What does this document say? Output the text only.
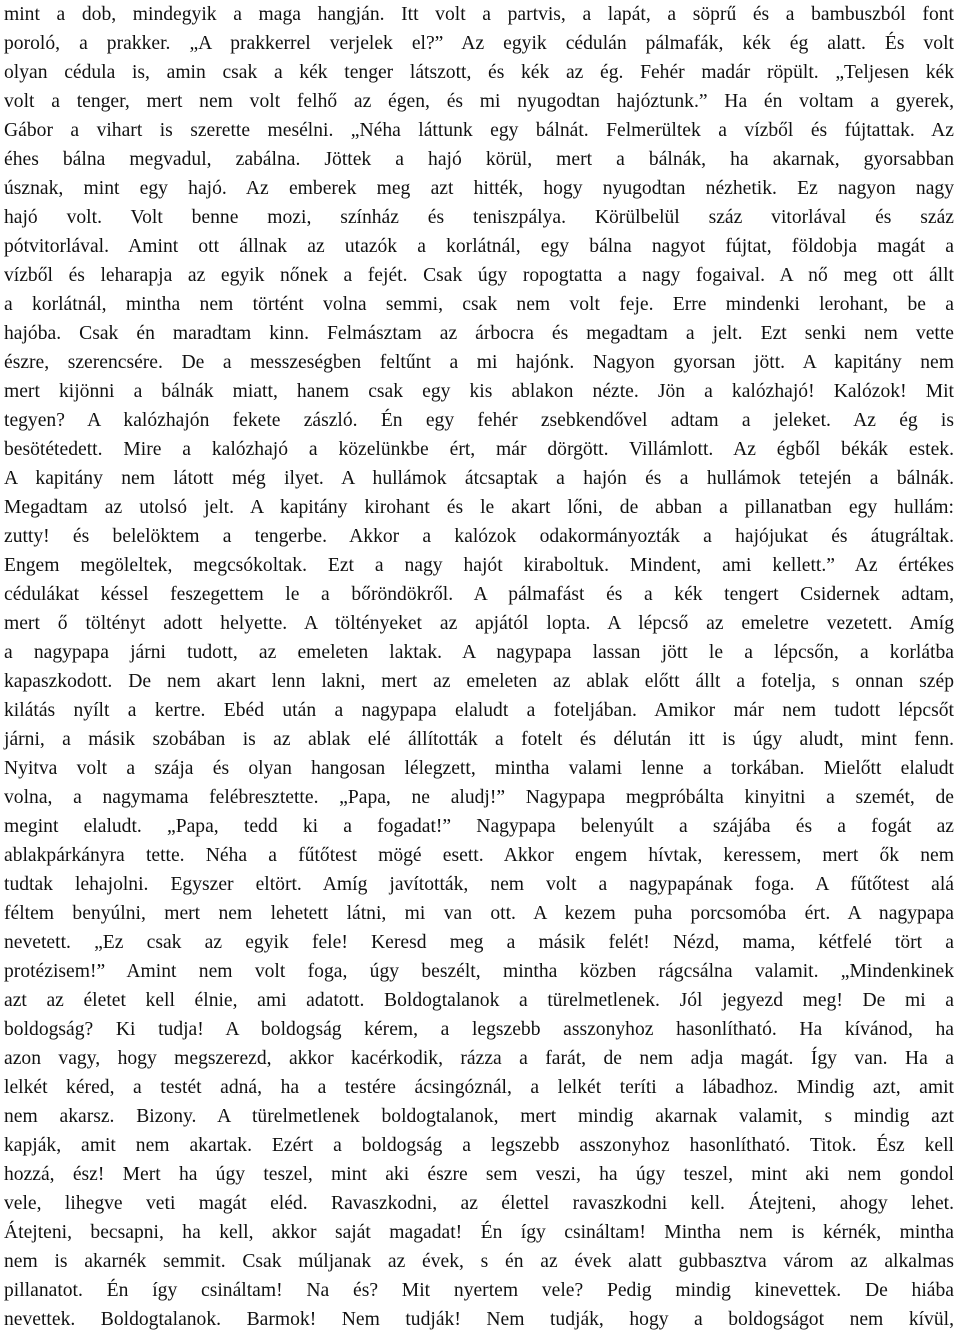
mint a dob, mindegyik a maga hangján. Itt volt a partvis, a lapát, a söprű és a bambuszból font
poroló, a prakker. „A prakkerrel verjelek el?” Az egyik cédulán pálmafák, kék ég alatt. És volt
olyan cédula is, amin csak a kék tenger látszott, és kék az ég. Fehér madár röpült. „Teljesen kék
volt a tenger, mert nem volt felhő az égen, és mi nyugodtan hajóztunk.” Ha én voltam a gyerek,
Gábor a vihart is szerette mesélni. „Néha láttunk egy bálnát. Felmerültek a vízből és fújtattak. Az
éhes bálna megvadul, zabálna. Jöttek a hajó körül, mert a bálnák, ha akarnak, gyorsabban
úsznak, mint egy hajó. Az emberek meg azt hitték, hogy nyugodtan nézhetik. Ez nagyon nagy
hajó volt. Volt benne mozi, színház és teniszpálya. Körülbelül száz vitorlával és száz
pótvitorlával. Amint ott állnak az utazók a korlátnál, egy bálna nagyot fújtat, földobja magát a
vízből és leharapja az egyik nőnek a fejét. Csak úgy ropogtatta a nagy fogaival. A nő meg ott állt
a korlátnál, mintha nem történt volna semmi, csak nem volt feje. Erre mindenki lerohant, be a
hajóba. Csak én maradtam kinn. Felmásztam az árbocra és megadtam a jelt. Ezt senki nem vette
észre, szerencsére. De a messzeségben feltűnt a mi hajónk. Nagyon gyorsan jött. A kapitány nem
mert kijönni a bálnák miatt, hanem csak egy kis ablakon nézte. Jön a kalózhajó! Kalózok! Mit
tegyen? A kalózhajón fekete zászló. Én egy fehér zsebkendővel adtam a jeleket. Az ég is
besötétedett. Mire a kalózhajó a közelünkbe ért, már dörgött. Villámlott. Az égből békák estek.
A kapitány nem látott még ilyet. A hullámok átcsaptak a hajón és a hullámok tetején a bálnák.
Megadtam az utolsó jelt. A kapitány kirohant és le akart lőni, de abban a pillanatban egy hullám:
zutty! és belelöktem a tengerbe. Akkor a kalózok odakormányozták a hajójukat és átugráltak.
Engem megöleltek, megcsókoltak. Ezt a nagy hajót kiraboltuk. Mindent, ami kellett.” Az értékes
cédulákat késsel feszegettem le a bőröndökről. A pálmafást és a kék tengert Csidernek adtam,
mert ő töltényt adott helyette. A töltényeket az apjától lopta. A lépcső az emeletre vezetett. Amíg
a nagypapa járni tudott, az emeleten laktak. A nagypapa lassan jött le a lépcsőn, a korlátba
kapaszkodott. De nem akart lenn lakni, mert az emeleten az ablak előtt állt a fotelja, s onnan szép
kilátás nyílt a kertre. Ebéd után a nagypapa elaludt a foteljában. Amikor már nem tudott lépcsőt
járni, a másik szobában is az ablak elé állították a fotelt és délután itt is úgy aludt, mint fenn.
Nyitva volt a szája és olyan hangosan lélegzett, mintha valami lenne a torkában. Mielőtt elaludt
volna, a nagymama felébresztette. „Papa, ne aludj!” Nagypapa megpróbálta kinyitni a szemét, de
megint elaludt. „Papa, tedd ki a fogadat!” Nagypapa belenyúlt a szájába és a fogát az
ablakpárkányra tette. Néha a fűtőtest mögé esett. Akkor engem hívtak, keressem, mert ők nem
tudtak lehajolni. Egyszer eltört. Amíg javították, nem volt a nagypapának foga. A fűtőtest alá
féltem benyúlni, mert nem lehetett látni, mi van ott. A kezem puha porcsomóba ért. A nagypapa
nevetett. „Ez csak az egyik fele! Keresd meg a másik felét! Nézd, mama, kétfelé tört a
protézisem!” Amint nem volt foga, úgy beszélt, mintha közben rágcsálna valamit. „Mindenkinek
azt az életet kell élnie, ami adatott. Boldogtalanok a türelmetlenek. Jól jegyezd meg! De mi a
boldogság? Ki tudja! A boldogság kérem, a legszebb asszonyhoz hasonlítható. Ha kívánod, ha
azon vagy, hogy megszerezd, akkor kacérkodik, rázza a farát, de nem adja magát. Így van. Ha a
lelkét kéred, a testét adná, ha a testére ácsingóznál, a lelkét teríti a lábadhoz. Mindig azt, amit
nem akarsz. Bizony. A türelmetlenek boldogtalanok, mert mindig akarnak valamit, s mindig azt
kapják, amit nem akartak. Ezért a boldogság a legszebb asszonyhoz hasonlítható. Titok. Ész kell
hozzá, ész! Mert ha úgy teszel, mint aki észre sem veszi, ha úgy teszel, mint aki nem gondol
vele, lihegve veti magát eléd. Ravaszkodni, az élettel ravaszkodni kell. Átejteni, ahogy lehet.
Átejteni, becsapni, ha kell, akkor saját magadat! Én így csináltam! Mintha nem is kérnék, mintha
nem is akarnék semmit. Csak múljanak az évek, s én az évek alatt gubbasztva várom az alkalmas
pillanatot. Én így csináltam! Na és? Mit nyertem vele? Pedig mindig kinevettek. De hiába
nevettek. Boldogtalanok. Barmok! Nem tudják! Nem tudják, hogy a boldogságot nem kívül,
